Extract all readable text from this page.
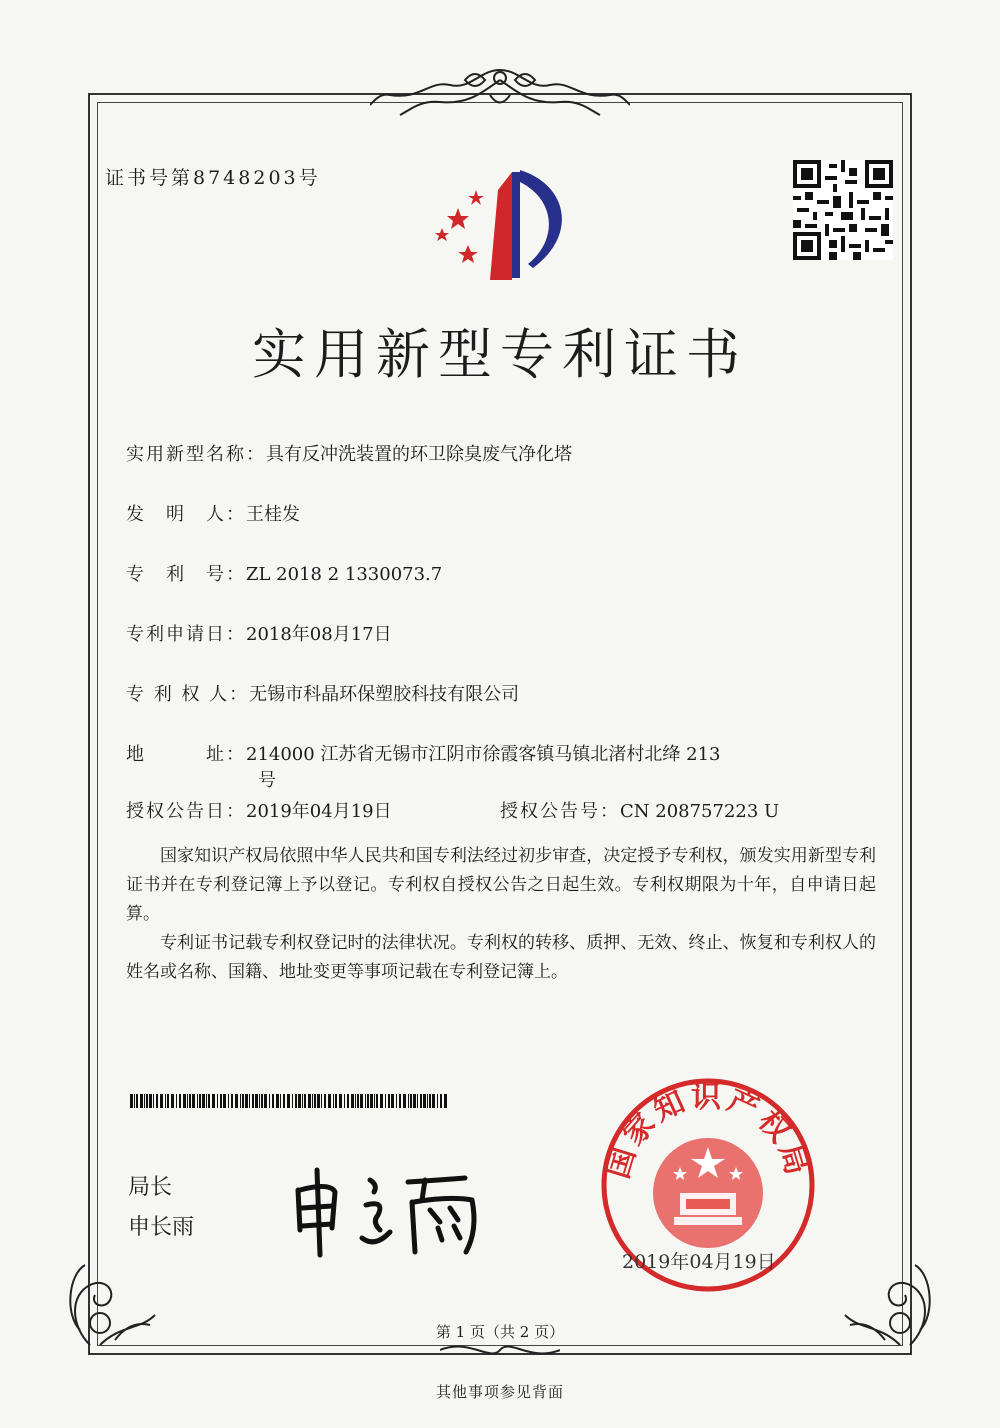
证书号第8748203号
实用新型专利证书
实用新型名称：具有反冲洗装置的环卫除臭废气净化塔
发　明　人：王桂发
专　利　号：ZL 2018 2 1330073.7
专利申请日：2018年08月17日
专 利 权 人：无锡市科晶环保塑胶科技有限公司
地　　　址：214000 江苏省无锡市江阴市徐霞客镇马镇北渚村北绛 213
号
授权公告日：2019年04月19日	授权公告号：CN 208757223 U
国家知识产权局依照中华人民共和国专利法经过初步审查，决定授予专利权，颁发实用新型专利证书并在专利登记簿上予以登记。专利权自授权公告之日起生效。专利权期限为十年，自申请日起算。
专利证书记载专利权登记时的法律状况。专利权的转移、质押、无效、终止、恢复和专利权人的姓名或名称、国籍、地址变更等事项记载在专利登记簿上。
局长
申长雨
国家知识产权局
2019年04月19日
第 1 页（共 2 页）
其他事项参见背面
